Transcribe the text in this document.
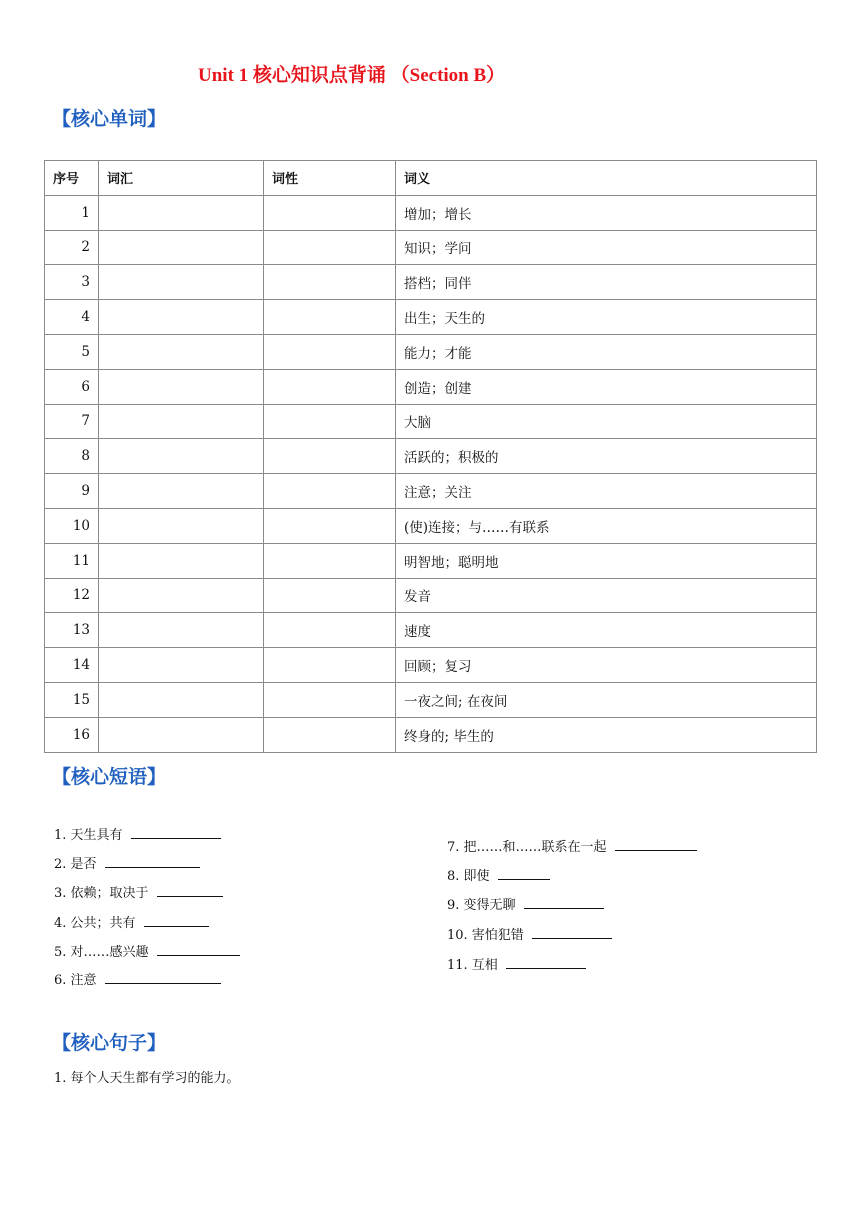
Unit 1 核心知识点背诵 （Section B）
【核心单词】
序号	词汇	词性	词义
1			增加；增长
2			知识；学问
3			搭档；同伴
4			出生；天生的
5			能力；才能
6			创造；创建
7			大脑
8			活跃的；积极的
9			注意；关注
10			(使)连接；与……有联系
11			明智地；聪明地
12			发音
13			速度
14			回顾；复习
15			一夜之间; 在夜间
16			终身的; 毕生的
【核心短语】
1. 天生具有
2. 是否
3. 依赖；取决于
4. 公共；共有
5. 对……感兴趣
6. 注意
7. 把……和……联系在一起
8. 即使
9. 变得无聊
10. 害怕犯错
11. 互相
【核心句子】
1. 每个人天生都有学习的能力。
